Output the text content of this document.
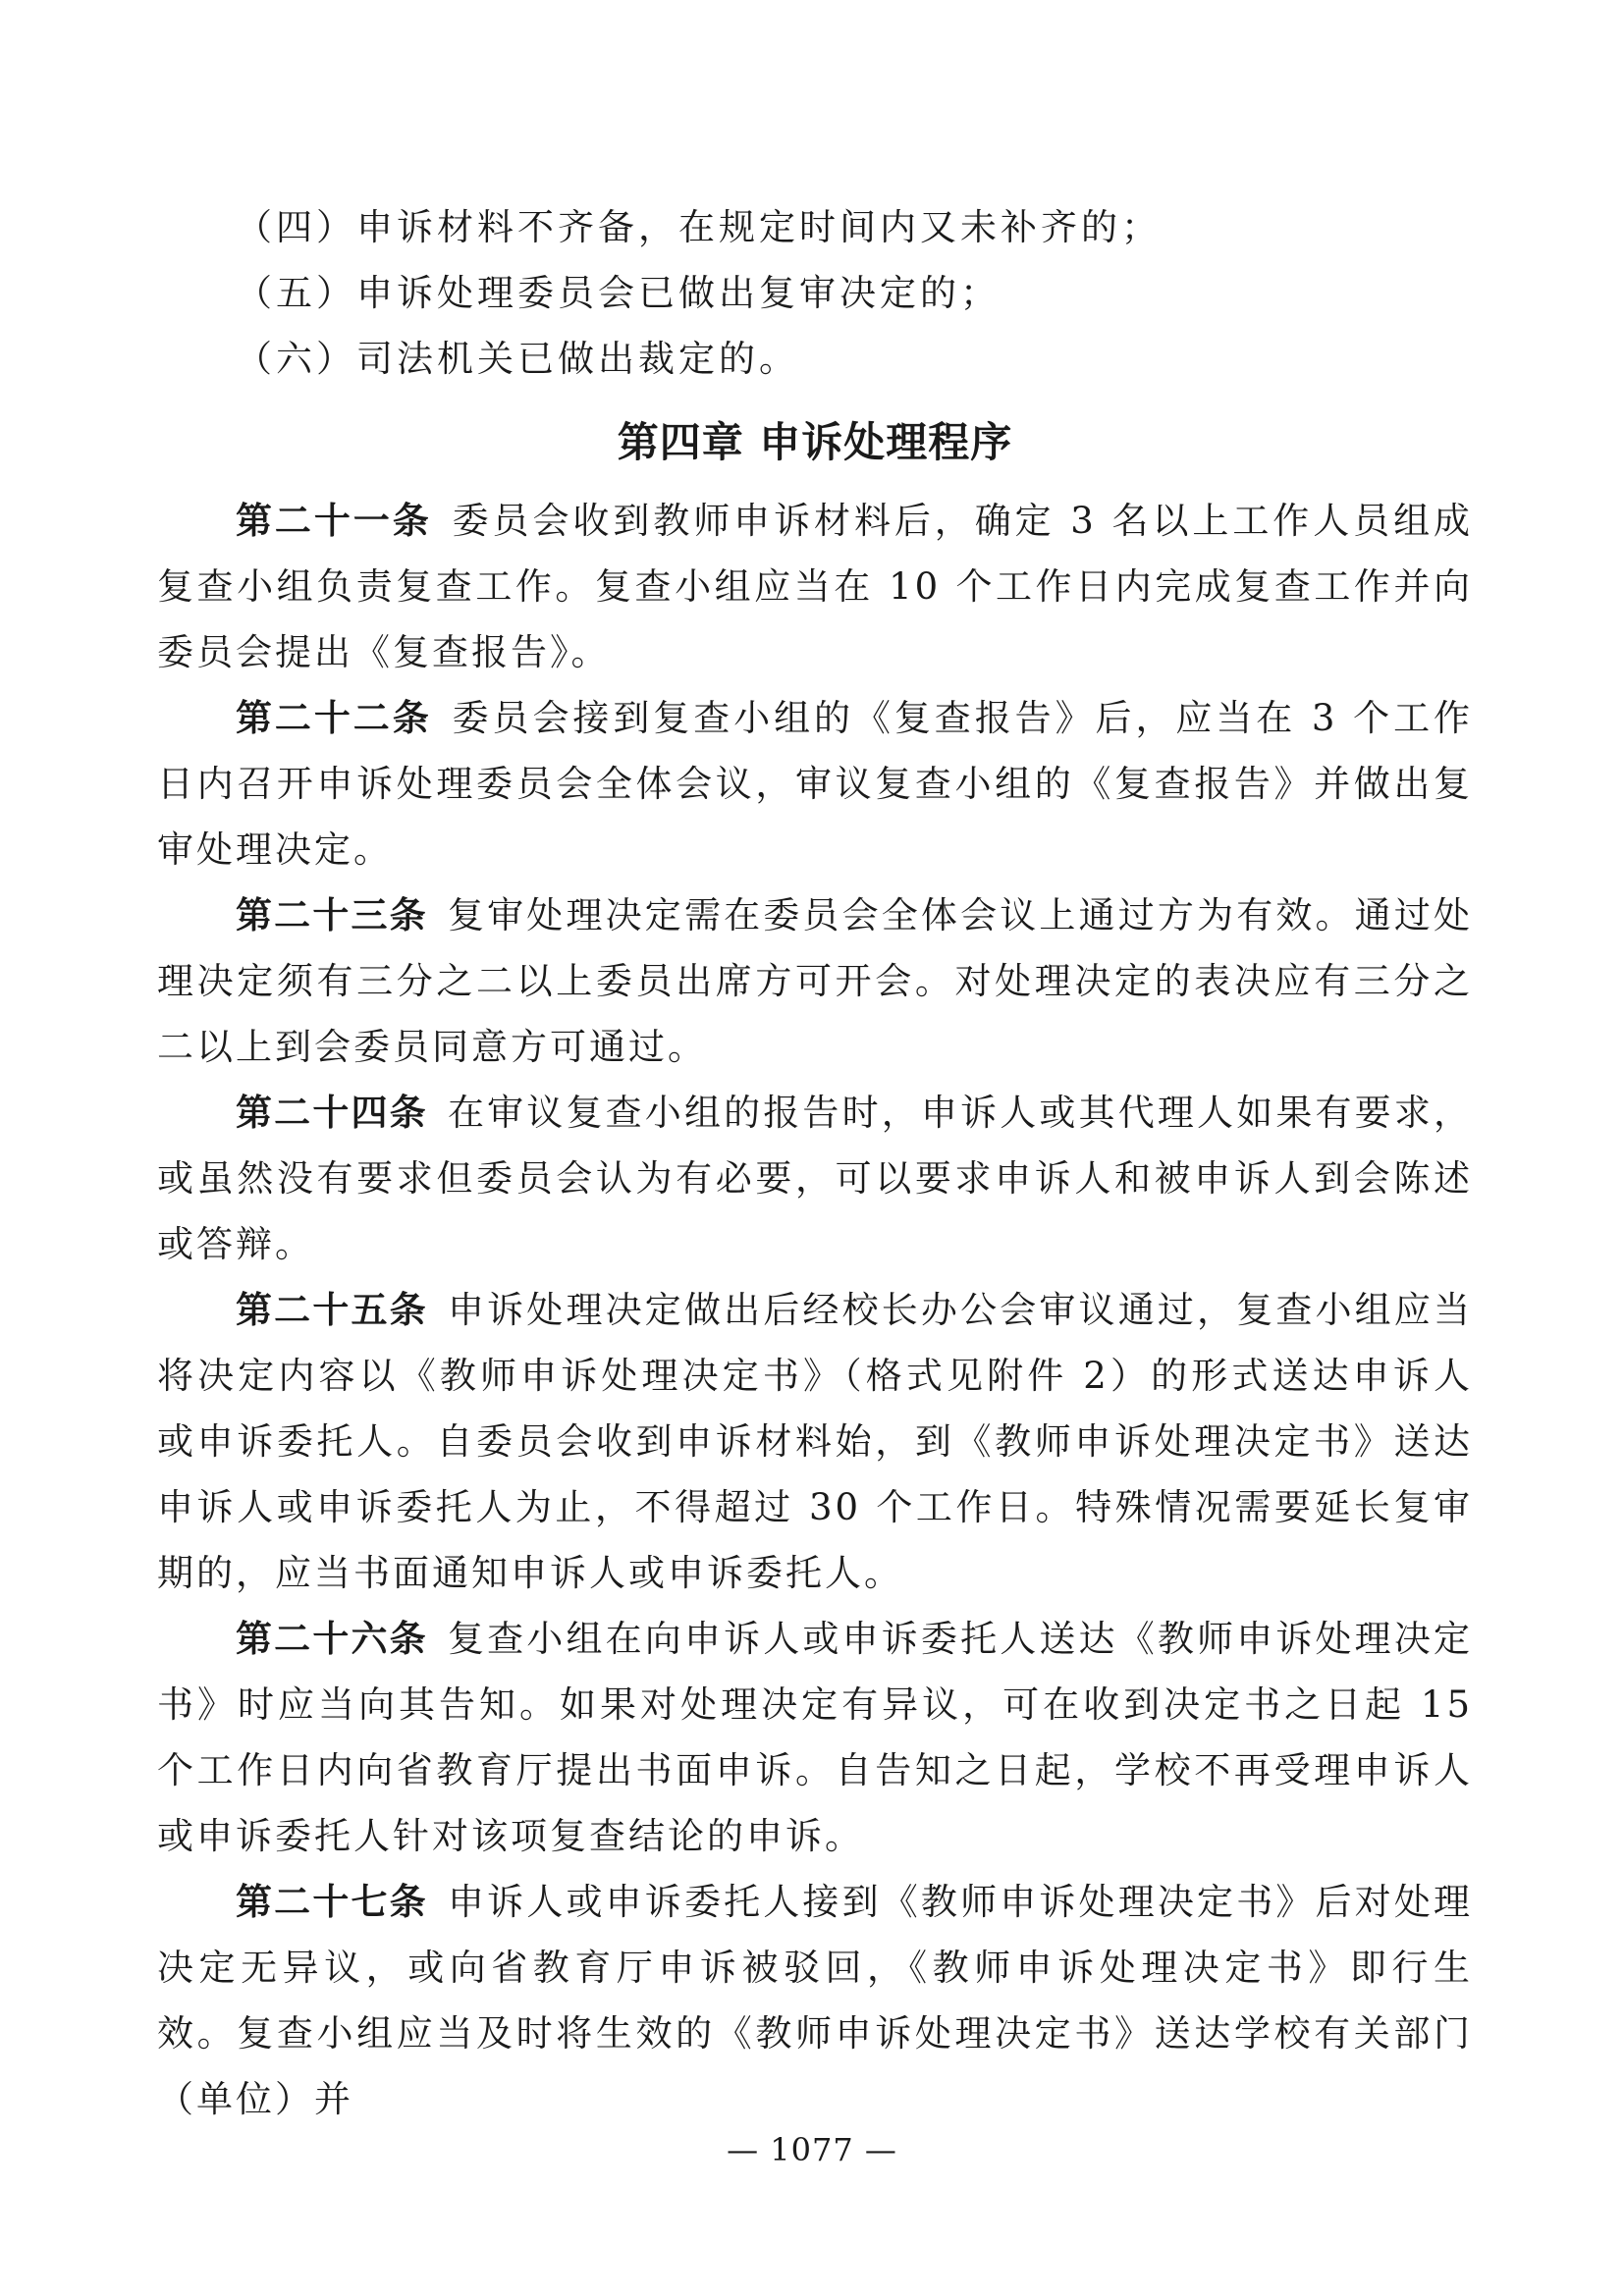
（四）申诉材料不齐备，在规定时间内又未补齐的；

（五）申诉处理委员会已做出复审决定的；

（六）司法机关已做出裁定的。

第四章 申诉处理程序

第二十一条 委员会收到教师申诉材料后，确定 3 名以上工作人员组成复查小组负责复查工作。复查小组应当在 10 个工作日内完成复查工作并向委员会提出《复查报告》。

第二十二条 委员会接到复查小组的《复查报告》后，应当在 3 个工作日内召开申诉处理委员会全体会议，审议复查小组的《复查报告》并做出复审处理决定。

第二十三条 复审处理决定需在委员会全体会议上通过方为有效。通过处理决定须有三分之二以上委员出席方可开会。对处理决定的表决应有三分之二以上到会委员同意方可通过。

第二十四条 在审议复查小组的报告时，申诉人或其代理人如果有要求，或虽然没有要求但委员会认为有必要，可以要求申诉人和被申诉人到会陈述或答辩。

第二十五条 申诉处理决定做出后经校长办公会审议通过，复查小组应当将决定内容以《教师申诉处理决定书》（格式见附件 2）的形式送达申诉人或申诉委托人。自委员会收到申诉材料始，到《教师申诉处理决定书》送达申诉人或申诉委托人为止，不得超过 30 个工作日。特殊情况需要延长复审期的，应当书面通知申诉人或申诉委托人。

第二十六条 复查小组在向申诉人或申诉委托人送达《教师申诉处理决定书》时应当向其告知。如果对处理决定有异议，可在收到决定书之日起 15 个工作日内向省教育厅提出书面申诉。自告知之日起，学校不再受理申诉人或申诉委托人针对该项复查结论的申诉。

第二十七条 申诉人或申诉委托人接到《教师申诉处理决定书》后对处理决定无异议，或向省教育厅申诉被驳回，《教师申诉处理决定书》即行生效。复查小组应当及时将生效的《教师申诉处理决定书》送达学校有关部门（单位）并

— 1077 —
